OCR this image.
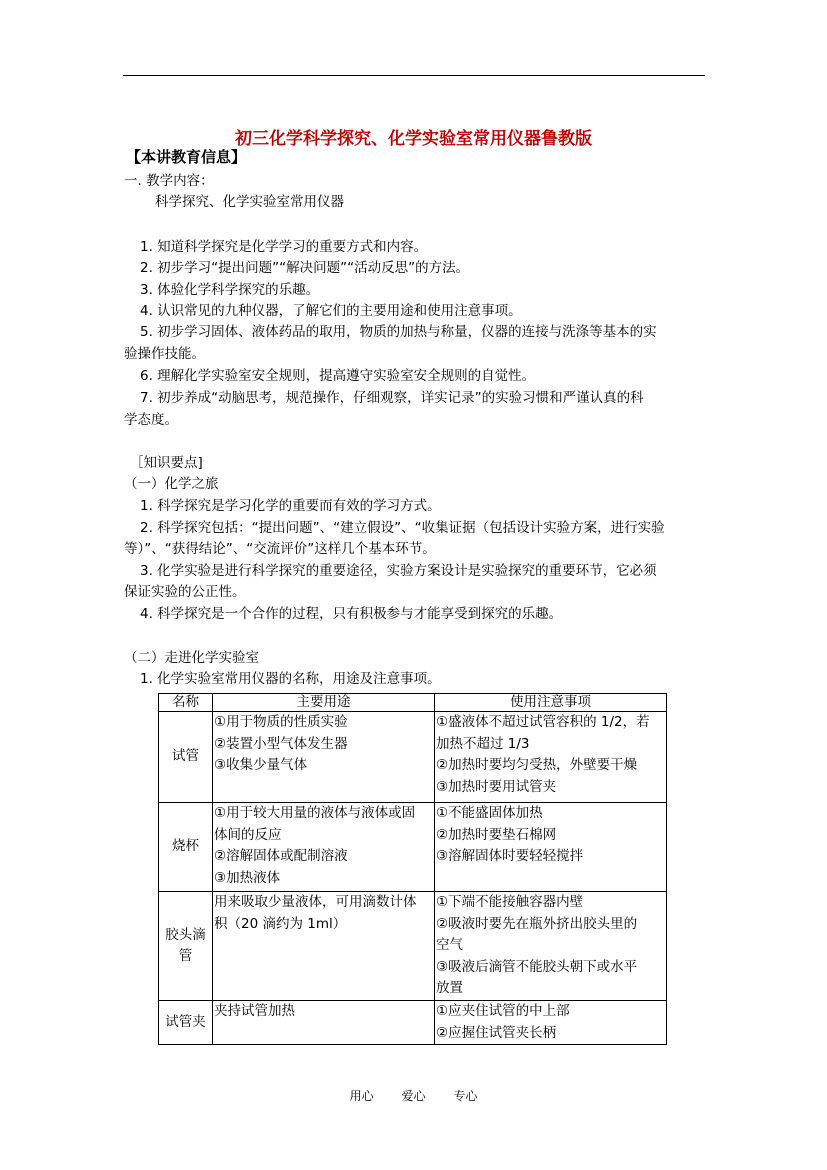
初三化学科学探究、化学实验室常用仪器鲁教版
【本讲教育信息】
一. 教学内容：
科学探究、化学实验室常用仪器
1. 知道科学探究是化学学习的重要方式和内容。
2. 初步学习“提出问题”“解决问题”“活动反思”的方法。
3. 体验化学科学探究的乐趣。
4. 认识常见的九种仪器，了解它们的主要用途和使用注意事项。
5. 初步学习固体、液体药品的取用，物质的加热与称量，仪器的连接与洗涤等基本的实
验操作技能。
6. 理解化学实验室安全规则，提高遵守实验室安全规则的自觉性。
7. 初步养成“动脑思考，规范操作，仔细观察，详实记录”的实验习惯和严谨认真的科
学态度。
［知识要点]
（一）化学之旅
1. 科学探究是学习化学的重要而有效的学习方式。
2. 科学探究包括：“提出问题”、“建立假设”、“收集证据（包括设计实验方案，进行实验
等）”、“获得结论”、“交流评价”这样几个基本环节。
3. 化学实验是进行科学探究的重要途径，实验方案设计是实验探究的重要环节，它必须
保证实验的公正性。
4. 科学探究是一个合作的过程，只有积极参与才能享受到探究的乐趣。
（二）走进化学实验室
1. 化学实验室常用仪器的名称，用途及注意事项。
名称	主要用途	使用注意事项
试管	①用于物质的性质实验
②装置小型气体发生器
③收集少量气体	①盛液体不超过试管容积的 1/2，若
加热不超过 1/3
②加热时要均匀受热，外壁要干燥
③加热时要用试管夹

烧杯	①用于较大用量的液体与液体或固
体间的反应
②溶解固体或配制溶液
③加热液体	①不能盛固体加热
②加热时要垫石棉网
③溶解固体时要轻轻搅拌

胶头滴管	用来吸取少量液体，可用滴数计体
积（20 滴约为 1ml）	①下端不能接触容器内壁
②吸液时要先在瓶外挤出胶头里的
空气
③吸液后滴管不能胶头朝下或水平
放置

试管夹	夹持试管加热	①应夹住试管的中上部
②应握住试管夹长柄
用心 爱心 专心
